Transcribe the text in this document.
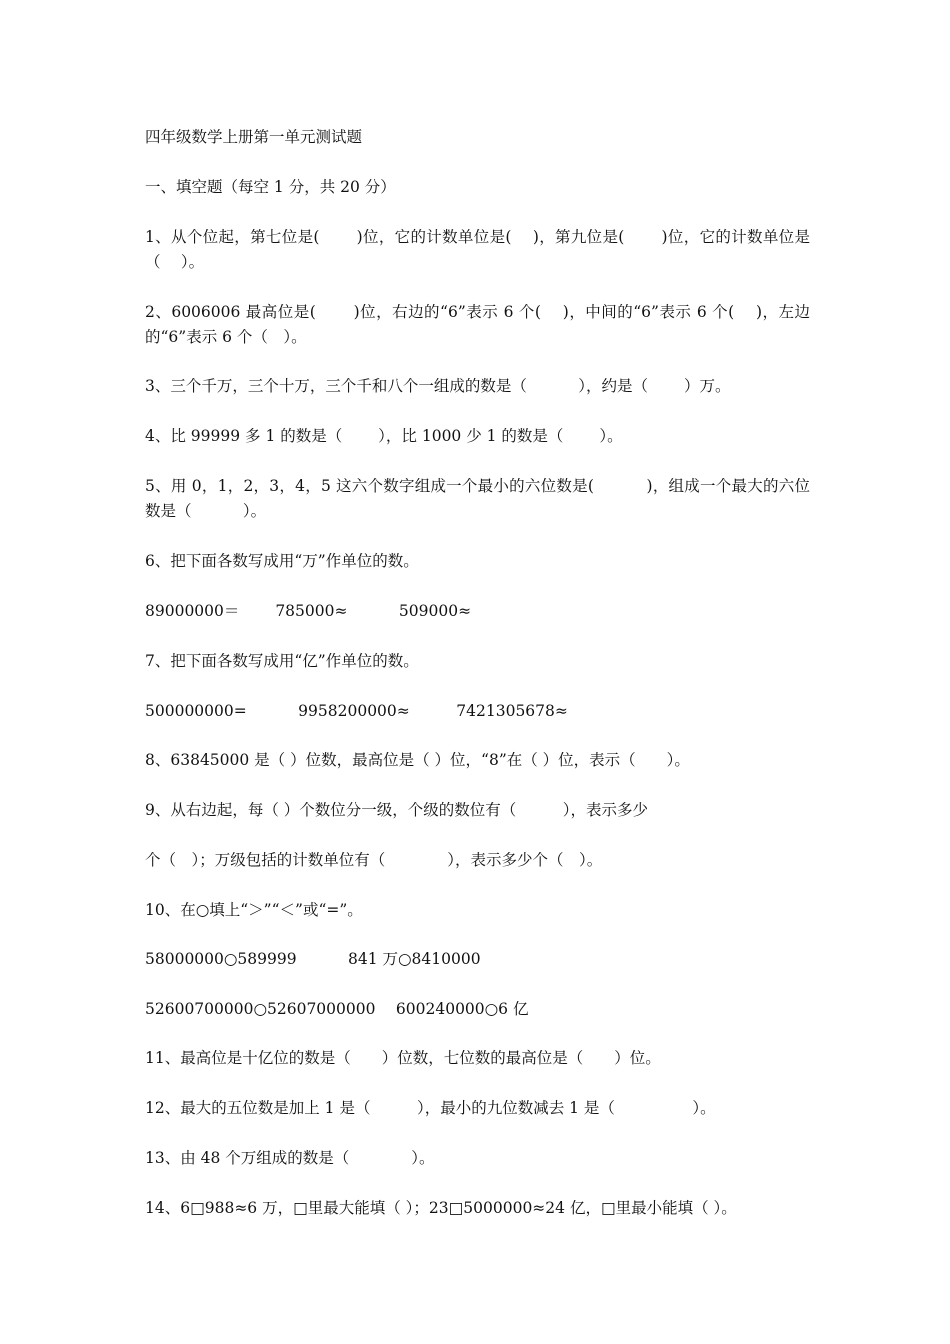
四年级数学上册第一单元测试题
一、填空题（每空 1 分，共 20 分）
1、从个位起，第七位是(　　 )位，它的计数单位是(　 )，第九位是(　　 )位，它的计数单位是（　 ）。
2、6006006 最高位是(　　 )位，右边的“6”表示 6 个(　 )，中间的“6”表示 6 个(　 )，左边的“6”表示 6 个（　）。
3、三个千万，三个十万，三个千和八个一组成的数是（　　　 ），约是（　　 ）万。
4、比 99999 多 1 的数是（　　 ），比 1000 少 1 的数是（　　 ）。
5、用 0，1，2，3，4，5 这六个数字组成一个最小的六位数是(　　　 )，组成一个最大的六位数是（　　　 ）。
6、把下面各数写成用“万”作单位的数。
89000000＝　　 785000≈　　　 509000≈
7、把下面各数写成用“亿”作单位的数。
500000000=　　　 9958200000≈　　　7421305678≈
8、63845000 是（ ）位数，最高位是（ ）位，“8”在（ ）位，表示（　　）。
9、从右边起，每（ ）个数位分一级，个级的数位有（　　　），表示多少
个（　）；万级包括的计数单位有（　　　　），表示多少个（　）。
10、在○填上“＞”“＜”或“=”。
58000000○589999　　　 841 万○8410000
52600700000○52607000000　 600240000○6 亿
11、最高位是十亿位的数是（　　）位数，七位数的最高位是（　　）位。
12、最大的五位数是加上 1 是（　　　），最小的九位数减去 1 是（　　　　　）。
13、由 48 个万组成的数是（　　　　）。
14、6□988≈6 万，□里最大能填（ ）；23□5000000≈24 亿，□里最小能填（ ）。
